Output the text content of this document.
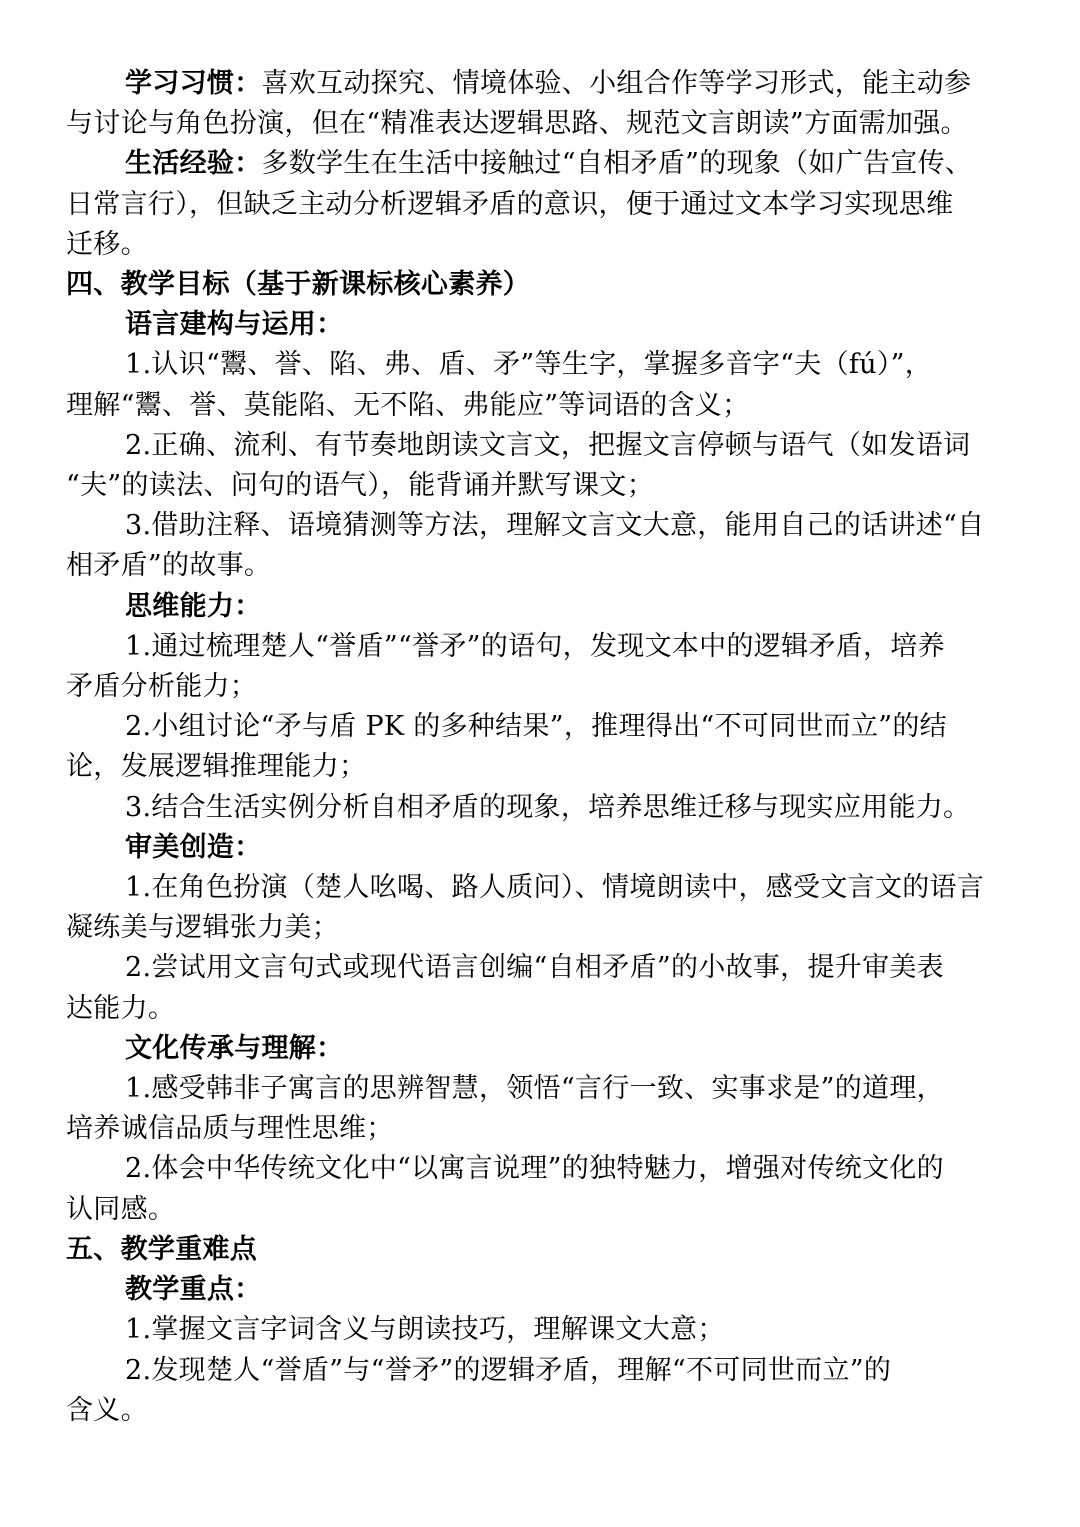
学习习惯：喜欢互动探究、情境体验、小组合作等学习形式，能主动参

与讨论与角色扮演，但在“精准表达逻辑思路、规范文言朗读”方面需加强。

生活经验：多数学生在生活中接触过“自相矛盾”的现象（如广告宣传、

日常言行），但缺乏主动分析逻辑矛盾的意识，便于通过文本学习实现思维

迁移。

四、教学目标（基于新课标核心素养）

语言建构与运用：

1.认识“鬻、誉、陷、弗、盾、矛”等生字，掌握多音字“夫（fú）”，

理解“鬻、誉、莫能陷、无不陷、弗能应”等词语的含义；

2.正确、流利、有节奏地朗读文言文，把握文言停顿与语气（如发语词

“夫”的读法、问句的语气），能背诵并默写课文；

3.借助注释、语境猜测等方法，理解文言文大意，能用自己的话讲述“自

相矛盾”的故事。

思维能力：

1.通过梳理楚人“誉盾”“誉矛”的语句，发现文本中的逻辑矛盾，培养

矛盾分析能力；

2.小组讨论“矛与盾 PK 的多种结果”，推理得出“不可同世而立”的结

论，发展逻辑推理能力；

3.结合生活实例分析自相矛盾的现象，培养思维迁移与现实应用能力。

审美创造：

1.在角色扮演（楚人吆喝、路人质问）、情境朗读中，感受文言文的语言

凝练美与逻辑张力美；

2.尝试用文言句式或现代语言创编“自相矛盾”的小故事，提升审美表

达能力。

文化传承与理解：

1.感受韩非子寓言的思辨智慧，领悟“言行一致、实事求是”的道理，

培养诚信品质与理性思维；

2.体会中华传统文化中“以寓言说理”的独特魅力，增强对传统文化的

认同感。

五、教学重难点

教学重点：

1.掌握文言字词含义与朗读技巧，理解课文大意；

2.发现楚人“誉盾”与“誉矛”的逻辑矛盾，理解“不可同世而立”的

含义。
